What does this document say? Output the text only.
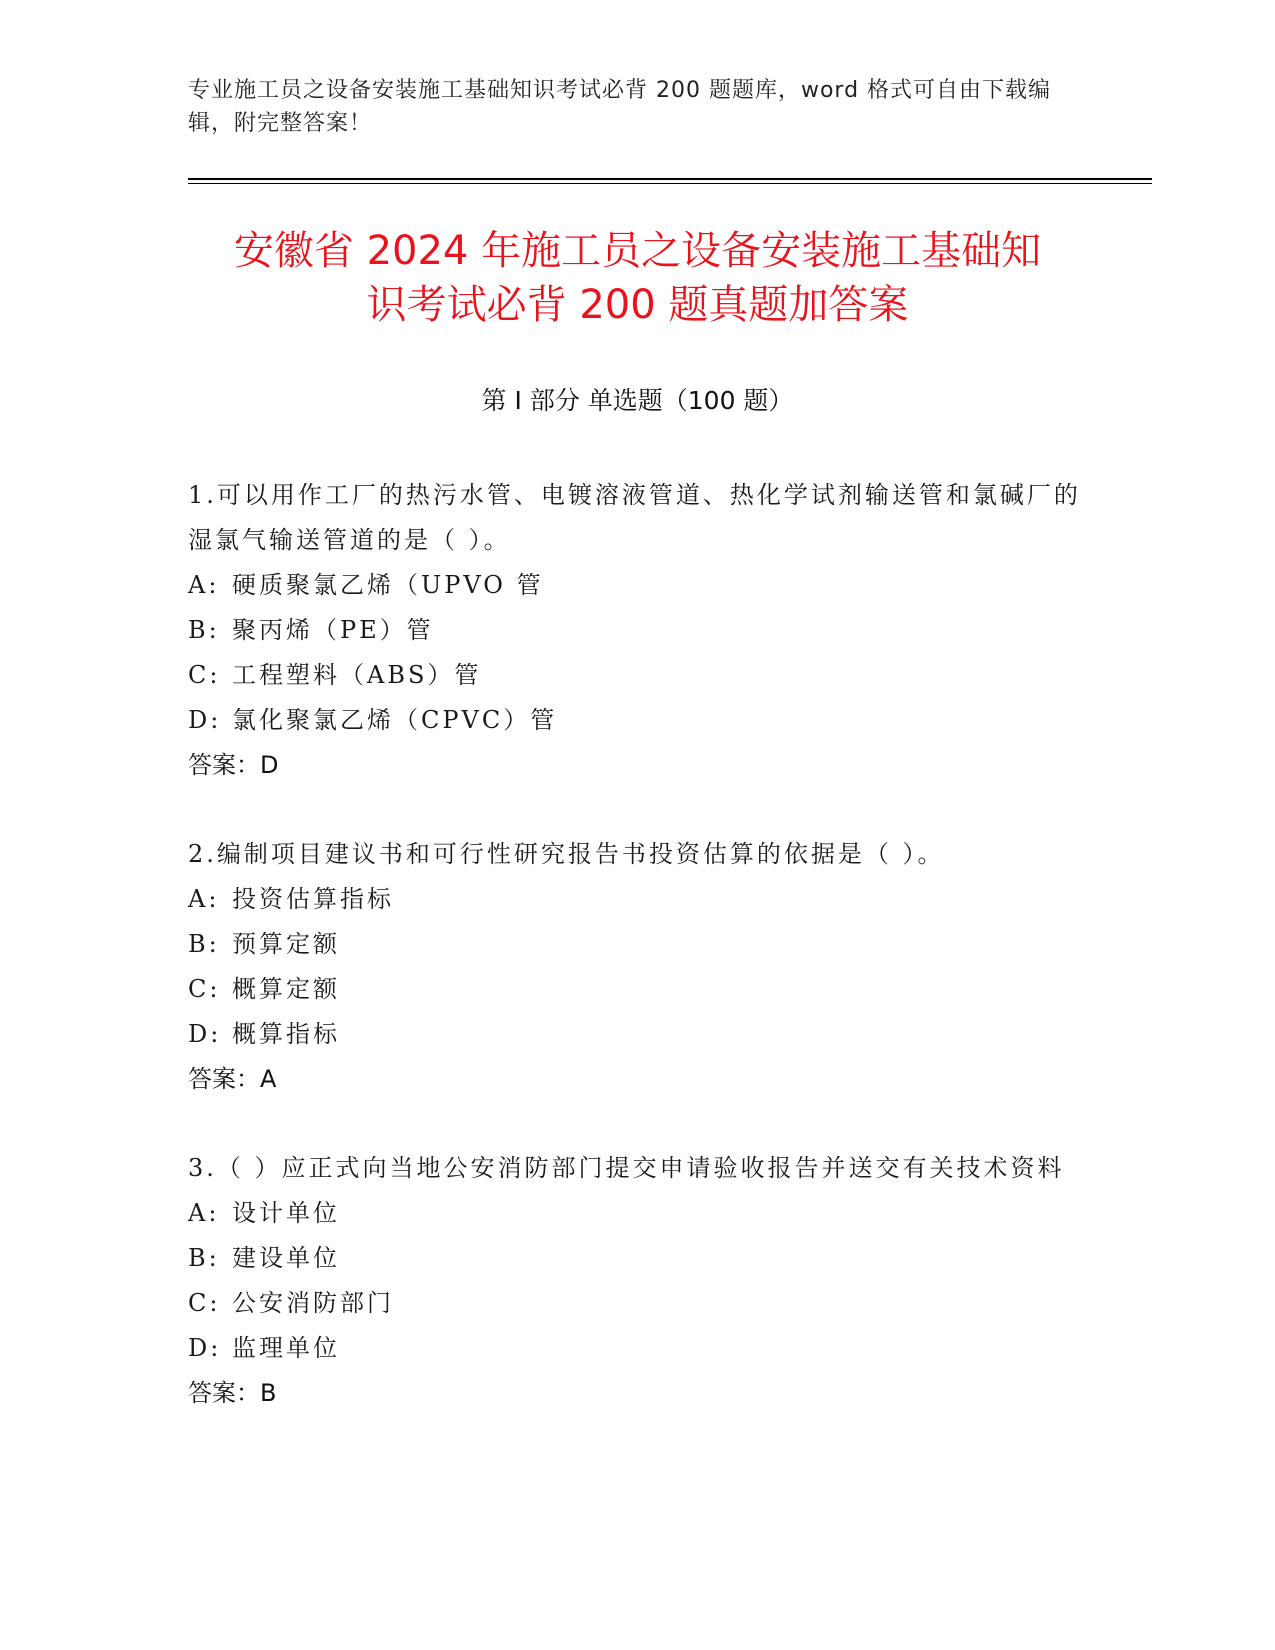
专业施工员之设备安装施工基础知识考试必背 200 题题库，word 格式可自由下载编辑，附完整答案！
安徽省 2024 年施工员之设备安装施工基础知
识考试必背 200 题真题加答案
第 I 部分 单选题（100 题）
1.可以用作工厂的热污水管、电镀溶液管道、热化学试剂输送管和氯碱厂的湿氯气输送管道的是（ ）。
A: 硬质聚氯乙烯（UPVO 管
B: 聚丙烯（PE）管
C: 工程塑料（ABS）管
D: 氯化聚氯乙烯（CPVC）管
答案：D
2.编制项目建议书和可行性研究报告书投资估算的依据是（ ）。
A: 投资估算指标
B: 预算定额
C: 概算定额
D: 概算指标
答案：A
3.（ ）应正式向当地公安消防部门提交申请验收报告并送交有关技术资料
A: 设计单位
B: 建设单位
C: 公安消防部门
D: 监理单位
答案：B
